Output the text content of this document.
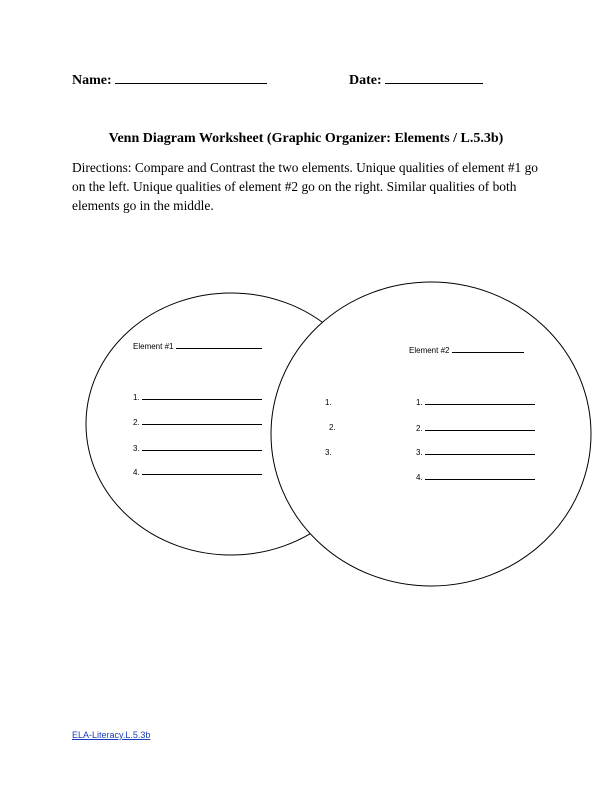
Name:	Date:
Venn Diagram Worksheet (Graphic Organizer: Elements / L.5.3b)
Directions: Compare and Contrast the two elements. Unique qualities of element #1 go on the left. Unique qualities of element #2 go on the right. Similar qualities of both elements go in the middle.
Element #1
1.
2.
3.
4.
Element #2
1.
2.
3.
1.
2.
3.
4.
ELA-Literacy.L.5.3b
